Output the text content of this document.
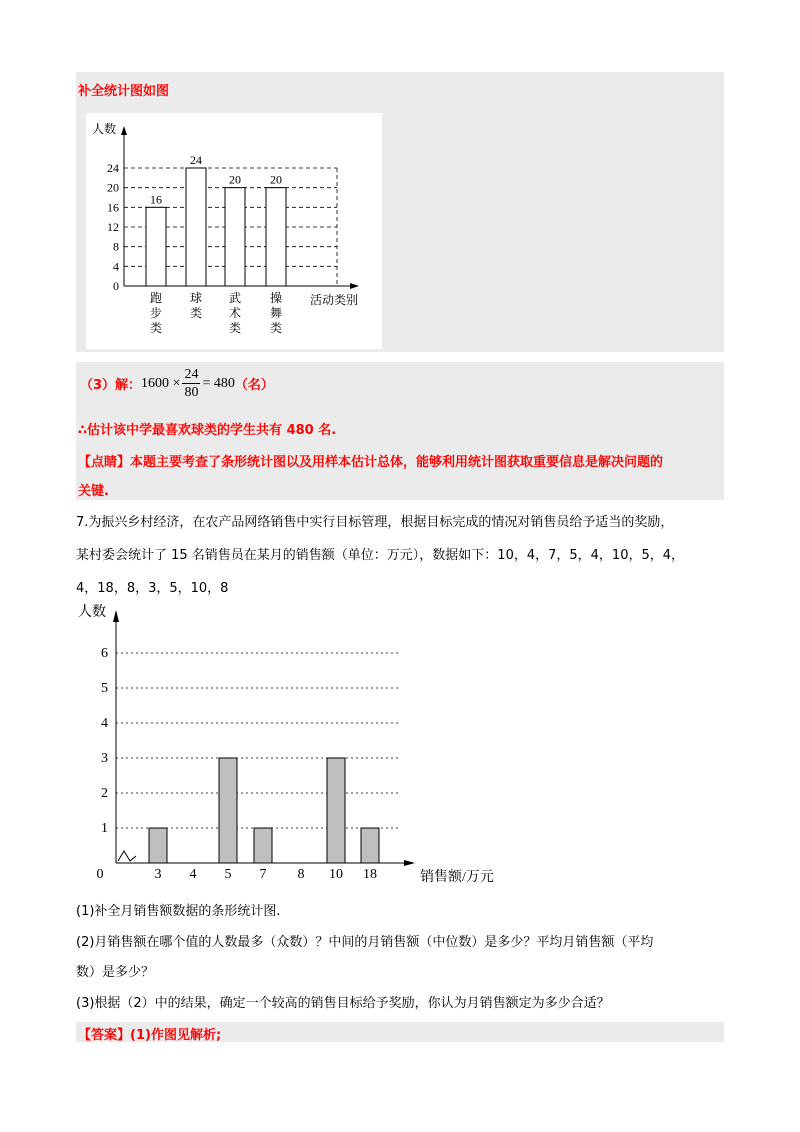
补全统计图如图
0
4
8
12
16
20
24
人数
活动类别
16
跑
步
类
24
球
类
20
武
术
类
20
操
舞
类
（3）解： $1600 \times \frac{24}{80} = 480$ （名）
∴估计该中学最喜欢球类的学生共有 480 名.
【点睛】本题主要考查了条形统计图以及用样本估计总体，能够利用统计图获取重要信息是解决问题的
关键.
7.为振兴乡村经济，在农产品网络销售中实行目标管理，根据目标完成的情况对销售员给予适当的奖励，
某村委会统计了 15 名销售员在某月的销售额（单位：万元），数据如下：10，4，7，5，4，10，5，4，
4，18，8，3，5，10，8
1
2
3
4
5
6
人数
销售额/万元
0	3 4 5 7 8 10 18
(1)补全月销售额数据的条形统计图.
(2)月销售额在哪个值的人数最多（众数）？中间的月销售额（中位数）是多少？平均月销售额（平均
数）是多少？
(3)根据（2）中的结果，确定一个较高的销售目标给予奖励，你认为月销售额定为多少合适？
【答案】(1)作图见解析;
